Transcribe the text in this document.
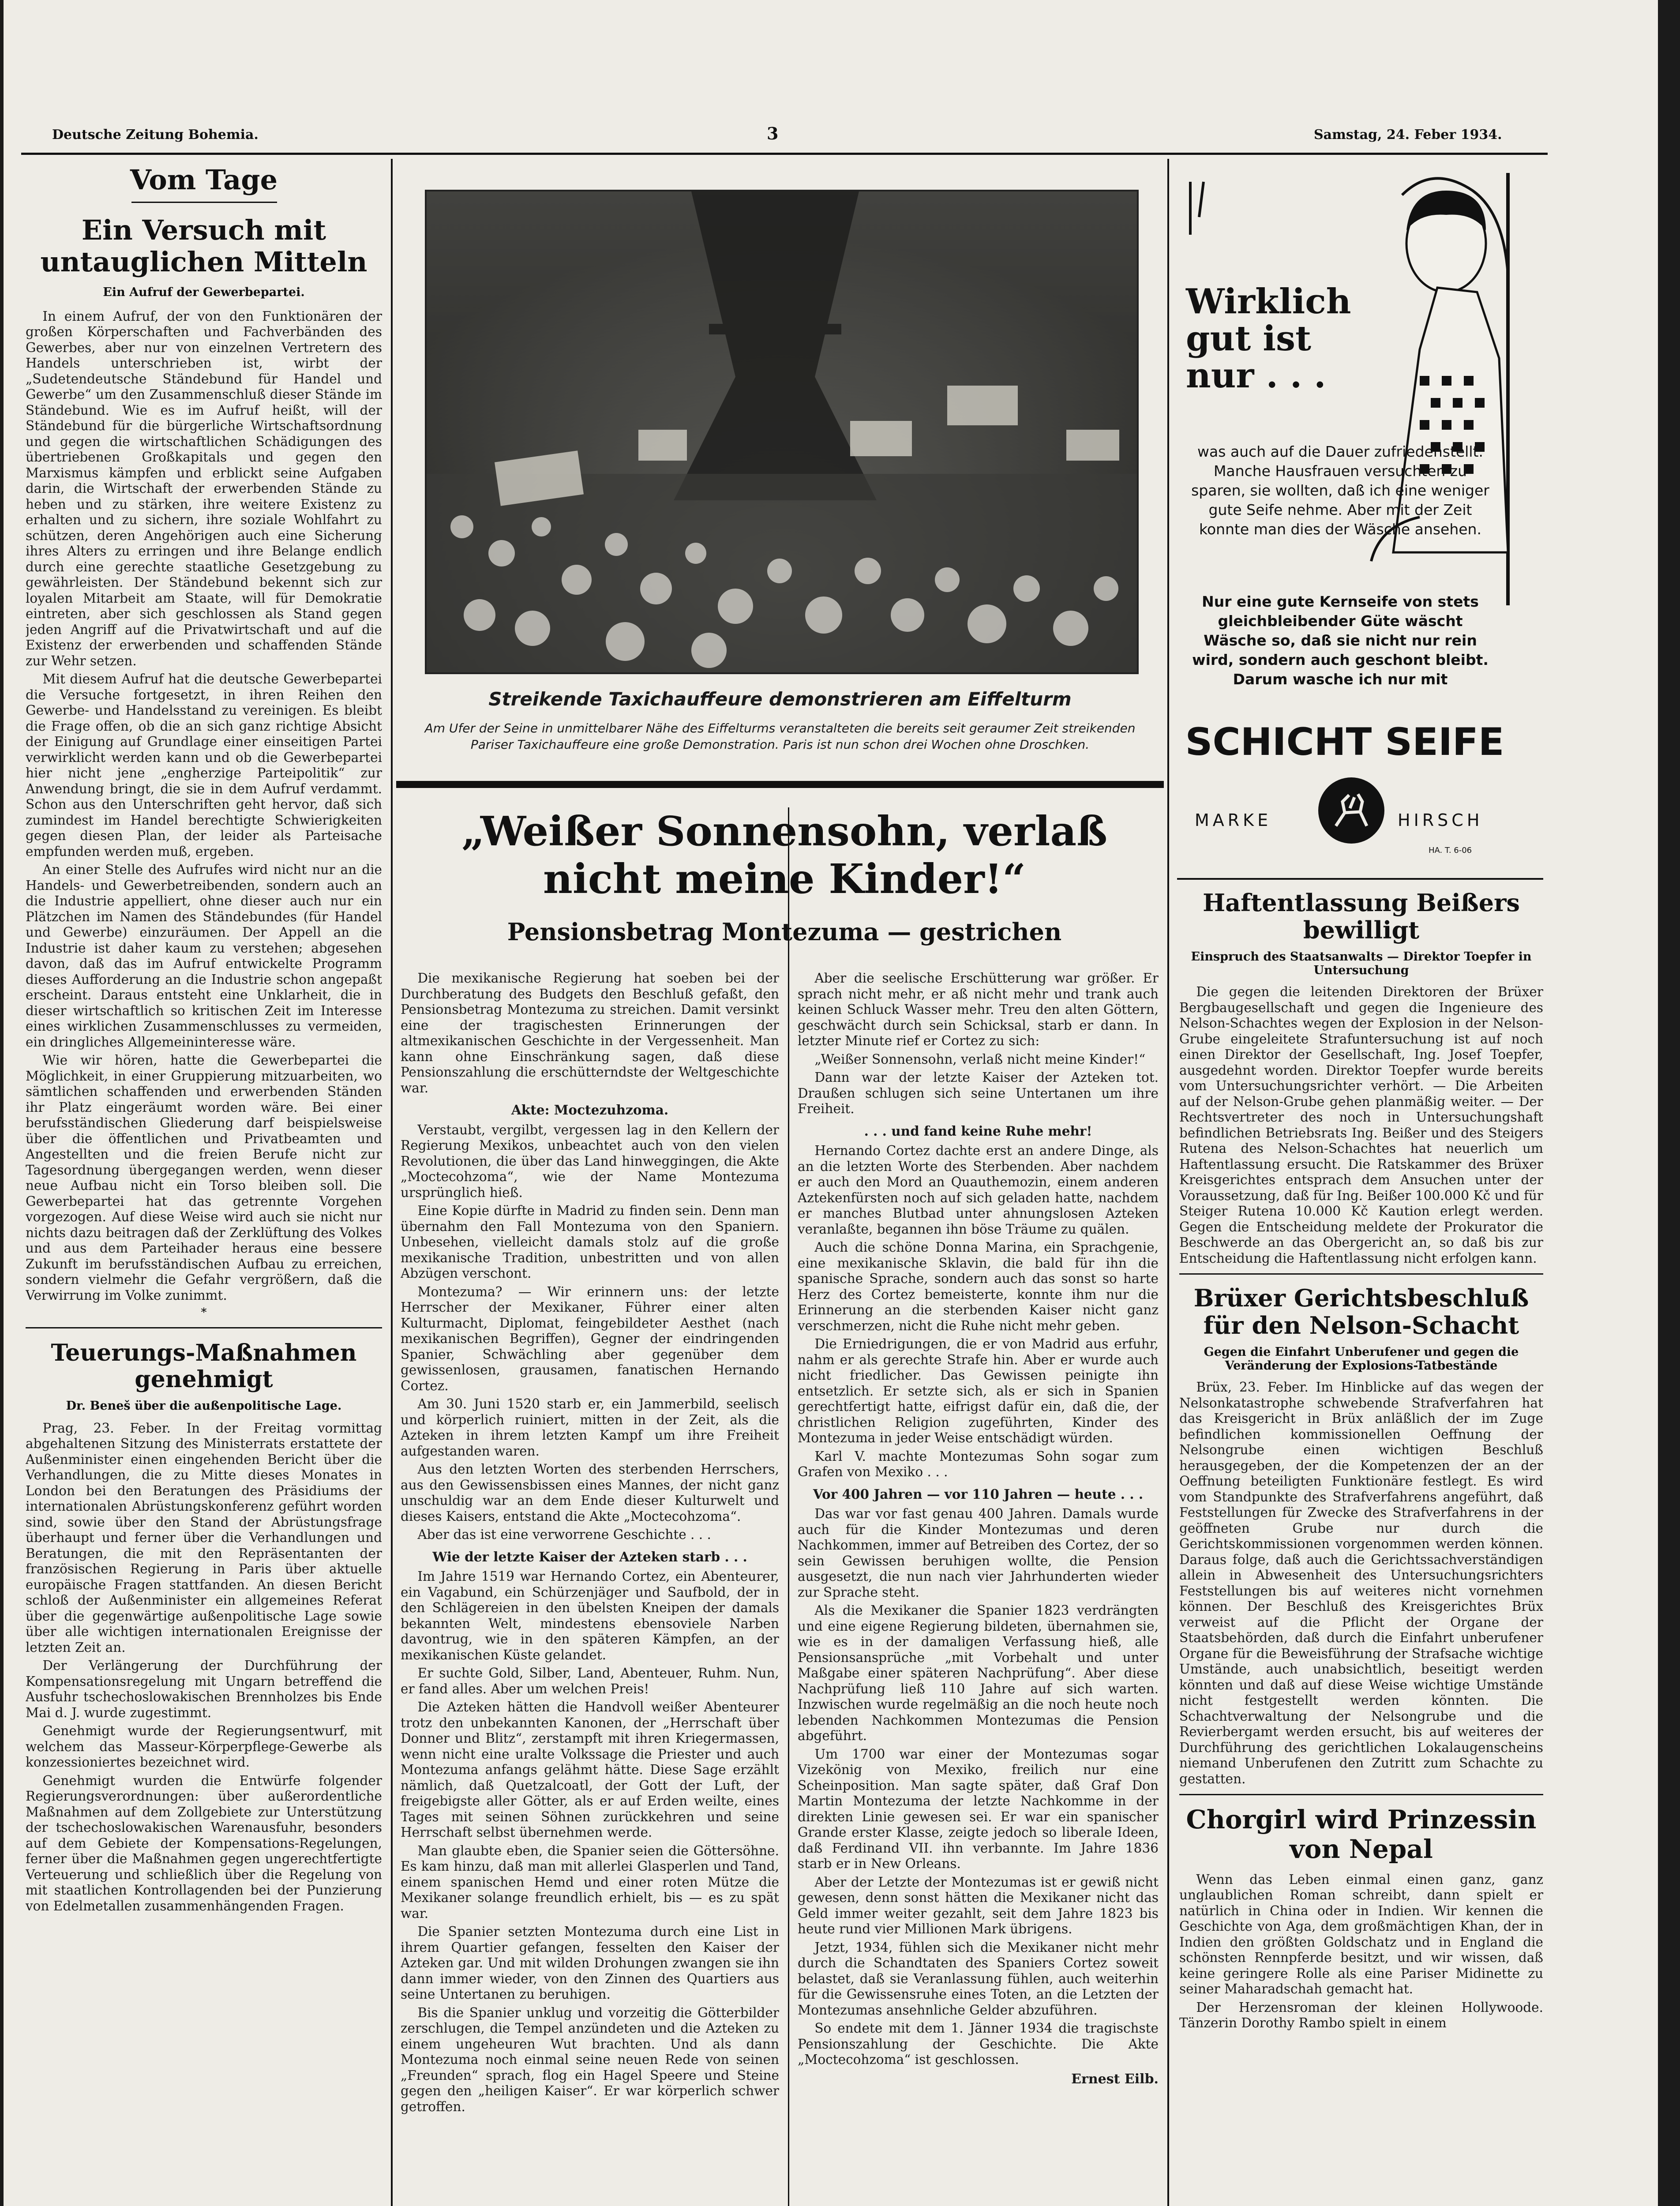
Deutsche Zeitung Bohemia.	3	Samstag, 24. Feber 1934.
Vom Tage
Ein Versuch mit untauglichen Mitteln
Ein Aufruf der Gewerbepartei.

In einem Aufruf, der von den Funktionären der großen Körperschaften und Fachverbänden des Gewerbes, aber nur von einzelnen Vertretern des Handels unterschrieben ist, wirbt der „Sudetendeutsche Ständebund für Handel und Gewerbe“ um den Zusammenschluß dieser Stände im Ständebund. Wie es im Aufruf heißt, will der Ständebund für die bürgerliche Wirtschaftsordnung und gegen die wirtschaftlichen Schädigungen des übertriebenen Großkapitals und gegen den Marxismus kämpfen und erblickt seine Aufgaben darin, die Wirtschaft der erwerbenden Stände zu heben und zu stärken, ihre weitere Existenz zu erhalten und zu sichern, ihre soziale Wohlfahrt zu schützen, deren Angehörigen auch eine Sicherung ihres Alters zu erringen und ihre Belange endlich durch eine gerechte staatliche Gesetzgebung zu gewährleisten. Der Ständebund bekennt sich zur loyalen Mitarbeit am Staate, will für Demokratie eintreten, aber sich geschlossen als Stand gegen jeden Angriff auf die Privatwirtschaft und auf die Existenz der erwerbenden und schaffenden Stände zur Wehr setzen.

Mit diesem Aufruf hat die deutsche Gewerbepartei die Versuche fortgesetzt, in ihren Reihen den Gewerbe- und Handelsstand zu vereinigen. Es bleibt die Frage offen, ob die an sich ganz richtige Absicht der Einigung auf Grundlage einer einseitigen Partei verwirklicht werden kann und ob die Gewerbepartei hier nicht jene „engherzige Parteipolitik“ zur Anwendung bringt, die sie in dem Aufruf verdammt. Schon aus den Unterschriften geht hervor, daß sich zumindest im Handel berechtigte Schwierigkeiten gegen diesen Plan, der leider als Parteisache empfunden werden muß, ergeben.

An einer Stelle des Aufrufes wird nicht nur an die Handels- und Gewerbetreibenden, sondern auch an die Industrie appelliert, ohne dieser auch nur ein Plätzchen im Namen des Ständebundes (für Handel und Gewerbe) einzuräumen. Der Appell an die Industrie ist daher kaum zu verstehen; abgesehen davon, daß das im Aufruf entwickelte Programm dieses Aufforderung an die Industrie schon angepaßt erscheint. Daraus entsteht eine Unklarheit, die in dieser wirtschaftlich so kritischen Zeit im Interesse eines wirklichen Zusammenschlusses zu vermeiden, ein dringliches Allgemeininteresse wäre.

Wie wir hören, hatte die Gewerbepartei die Möglichkeit, in einer Gruppierung mitzuarbeiten, wo sämtlichen schaffenden und erwerbenden Ständen ihr Platz eingeräumt worden wäre. Bei einer berufsständischen Gliederung darf beispielsweise über die öffentlichen und Privatbeamten und Angestellten und die freien Berufe nicht zur Tagesordnung übergegangen werden, wenn dieser neue Aufbau nicht ein Torso bleiben soll. Die Gewerbepartei hat das getrennte Vorgehen vorgezogen. Auf diese Weise wird auch sie nicht nur nichts dazu beitragen daß der Zerklüftung des Volkes und aus dem Parteihader heraus eine bessere Zukunft im berufsständischen Aufbau zu erreichen, sondern vielmehr die Gefahr vergrößern, daß die Verwirrung im Volke zunimmt.

*
Teuerungs-Maßnahmen genehmigt
Dr. Beneš über die außenpolitische Lage.

Prag, 23. Feber. In der Freitag vormittag abgehaltenen Sitzung des Ministerrats erstattete der Außenminister einen eingehenden Bericht über die Verhandlungen, die zu Mitte dieses Monates in London bei den Beratungen des Präsidiums der internationalen Abrüstungskonferenz geführt worden sind, sowie über den Stand der Abrüstungsfrage überhaupt und ferner über die Verhandlungen und Beratungen, die mit den Repräsentanten der französischen Regierung in Paris über aktuelle europäische Fragen stattfanden. An diesen Bericht schloß der Außenminister ein allgemeines Referat über die gegenwärtige außenpolitische Lage sowie über alle wichtigen internationalen Ereignisse der letzten Zeit an.

Der Verlängerung der Durchführung der Kompensationsregelung mit Ungarn betreffend die Ausfuhr tschechoslowakischen Brennholzes bis Ende Mai d. J. wurde zugestimmt.

Genehmigt wurde der Regierungsentwurf, mit welchem das Masseur-Körperpflege-Gewerbe als konzessioniertes bezeichnet wird.

Genehmigt wurden die Entwürfe folgender Regierungsverordnungen: über außerordentliche Maßnahmen auf dem Zollgebiete zur Unterstützung der tschechoslowakischen Warenausfuhr, besonders auf dem Gebiete der Kompensations-Regelungen, ferner über die Maßnahmen gegen ungerechtfertigte Verteuerung und schließlich über die Regelung von mit staatlichen Kontrollagenden bei der Punzierung von Edelmetallen zusammenhängenden Fragen.

Streikende Taxichauffeure demonstrieren am Eiffelturm
Am Ufer der Seine in unmittelbarer Nähe des Eiffelturms veranstalteten die bereits seit geraumer Zeit streikenden Pariser Taxichauffeure eine große Demonstration. Paris ist nun schon drei Wochen ohne Droschken.
„Weißer Sonnensohn, verlaß nicht meine Kinder!“
Pensionsbetrag Montezuma — gestrichen

Die mexikanische Regierung hat soeben bei der Durchberatung des Budgets den Beschluß gefaßt, den Pensionsbetrag Montezuma zu streichen. Damit versinkt eine der tragischesten Erinnerungen der altmexikanischen Geschichte in der Vergessenheit. Man kann ohne Einschränkung sagen, daß diese Pensionszahlung die erschütterndste der Weltgeschichte war.

Akte: Moctezuhzoma.

Verstaubt, vergilbt, vergessen lag in den Kellern der Regierung Mexikos, unbeachtet auch von den vielen Revolutionen, die über das Land hinweggingen, die Akte „Moctecohzoma“, wie der Name Montezuma ursprünglich hieß.

Eine Kopie dürfte in Madrid zu finden sein. Denn man übernahm den Fall Montezuma von den Spaniern. Unbesehen, vielleicht damals stolz auf die große mexikanische Tradition, unbestritten und von allen Abzügen verschont.

Montezuma? — Wir erinnern uns: der letzte Herrscher der Mexikaner, Führer einer alten Kulturmacht, Diplomat, feingebildeter Aesthet (nach mexikanischen Begriffen), Gegner der eindringenden Spanier, Schwächling aber gegenüber dem gewissenlosen, grausamen, fanatischen Hernando Cortez.

Am 30. Juni 1520 starb er, ein Jammerbild, seelisch und körperlich ruiniert, mitten in der Zeit, als die Azteken in ihrem letzten Kampf um ihre Freiheit aufgestanden waren.

Aus den letzten Worten des sterbenden Herrschers, aus den Gewissensbissen eines Mannes, der nicht ganz unschuldig war an dem Ende dieser Kulturwelt und dieses Kaisers, entstand die Akte „Moctecohzoma“.

Aber das ist eine verworrene Geschichte . . .

Wie der letzte Kaiser der Azteken starb . . .

Im Jahre 1519 war Hernando Cortez, ein Abenteurer, ein Vagabund, ein Schürzenjäger und Saufbold, der in den Schlägereien in den übelsten Kneipen der damals bekannten Welt, mindestens ebensoviele Narben davontrug, wie in den späteren Kämpfen, an der mexikanischen Küste gelandet.

Er suchte Gold, Silber, Land, Abenteuer, Ruhm. Nun, er fand alles. Aber um welchen Preis!

Die Azteken hätten die Handvoll weißer Abenteurer trotz den unbekannten Kanonen, der „Herrschaft über Donner und Blitz“, zerstampft mit ihren Kriegermassen, wenn nicht eine uralte Volkssage die Priester und auch Montezuma anfangs gelähmt hätte. Diese Sage erzählt nämlich, daß Quetzalcoatl, der Gott der Luft, der freigebigste aller Götter, als er auf Erden weilte, eines Tages mit seinen Söhnen zurückkehren und seine Herrschaft selbst übernehmen werde.

Man glaubte eben, die Spanier seien die Göttersöhne. Es kam hinzu, daß man mit allerlei Glasperlen und Tand, einem spanischen Hemd und einer roten Mütze die Mexikaner solange freundlich erhielt, bis — es zu spät war.

Die Spanier setzten Montezuma durch eine List in ihrem Quartier gefangen, fesselten den Kaiser der Azteken gar. Und mit wilden Drohungen zwangen sie ihn dann immer wieder, von den Zinnen des Quartiers aus seine Untertanen zu beruhigen.

Bis die Spanier unklug und vorzeitig die Götterbilder zerschlugen, die Tempel anzündeten und die Azteken zu einem ungeheuren Wut brachten. Und als dann Montezuma noch einmal seine neuen Rede von seinen „Freunden“ sprach, flog ein Hagel Speere und Steine gegen den „heiligen Kaiser“. Er war körperlich schwer getroffen.

Aber die seelische Erschütterung war größer. Er sprach nicht mehr, er aß nicht mehr und trank auch keinen Schluck Wasser mehr. Treu den alten Göttern, geschwächt durch sein Schicksal, starb er dann. In letzter Minute rief er Cortez zu sich:

„Weißer Sonnensohn, verlaß nicht meine Kinder!“

Dann war der letzte Kaiser der Azteken tot. Draußen schlugen sich seine Untertanen um ihre Freiheit.

. . . und fand keine Ruhe mehr!

Hernando Cortez dachte erst an andere Dinge, als an die letzten Worte des Sterbenden. Aber nachdem er auch den Mord an Quauthemozin, einem anderen Aztekenfürsten noch auf sich geladen hatte, nachdem er manches Blutbad unter ahnungslosen Azteken veranlaßte, begannen ihn böse Träume zu quälen.

Auch die schöne Donna Marina, ein Sprachgenie, eine mexikanische Sklavin, die bald für ihn die spanische Sprache, sondern auch das sonst so harte Herz des Cortez bemeisterte, konnte ihm nur die Erinnerung an die sterbenden Kaiser nicht ganz verschmerzen, nicht die Ruhe nicht mehr geben.

Die Erniedrigungen, die er von Madrid aus erfuhr, nahm er als gerechte Strafe hin. Aber er wurde auch nicht friedlicher. Das Gewissen peinigte ihn entsetzlich. Er setzte sich, als er sich in Spanien gerechtfertigt hatte, eifrigst dafür ein, daß die, der christlichen Religion zugeführten, Kinder des Montezuma in jeder Weise entschädigt würden.

Karl V. machte Montezumas Sohn sogar zum Grafen von Mexiko . . .

Vor 400 Jahren — vor 110 Jahren — heute . . .

Das war vor fast genau 400 Jahren. Damals wurde auch für die Kinder Montezumas und deren Nachkommen, immer auf Betreiben des Cortez, der so sein Gewissen beruhigen wollte, die Pension ausgesetzt, die nun nach vier Jahrhunderten wieder zur Sprache steht.

Als die Mexikaner die Spanier 1823 verdrängten und eine eigene Regierung bildeten, übernahmen sie, wie es in der damaligen Verfassung hieß, alle Pensionsansprüche „mit Vorbehalt und unter Maßgabe einer späteren Nachprüfung“. Aber diese Nachprüfung ließ 110 Jahre auf sich warten. Inzwischen wurde regelmäßig an die noch heute noch lebenden Nachkommen Montezumas die Pension abgeführt.

Um 1700 war einer der Montezumas sogar Vizekönig von Mexiko, freilich nur eine Scheinposition. Man sagte später, daß Graf Don Martin Montezuma der letzte Nachkomme in der direkten Linie gewesen sei. Er war ein spanischer Grande erster Klasse, zeigte jedoch so liberale Ideen, daß Ferdinand VII. ihn verbannte. Im Jahre 1836 starb er in New Orleans.

Aber der Letzte der Montezumas ist er gewiß nicht gewesen, denn sonst hätten die Mexikaner nicht das Geld immer weiter gezahlt, seit dem Jahre 1823 bis heute rund vier Millionen Mark übrigens.

Jetzt, 1934, fühlen sich die Mexikaner nicht mehr durch die Schandtaten des Spaniers Cortez soweit belastet, daß sie Veranlassung fühlen, auch weiterhin für die Gewissensruhe eines Toten, an die Letzten der Montezumas ansehnliche Gelder abzuführen.

So endete mit dem 1. Jänner 1934 die tragischste Pensionszahlung der Geschichte. Die Akte „Moctecohzoma“ ist geschlossen.

Ernest Eilb.
Wirklich gut ist nur . . .
was auch auf die Dauer zufriedenstellt. Manche Hausfrauen versuchten zu sparen, sie wollten, daß ich eine weniger gute Seife nehme. Aber mit der Zeit konnte man dies der Wäsche ansehen.
Nur eine gute Kernseife von stets gleichbleibender Güte wäscht Wäsche so, daß sie nicht nur rein wird, sondern auch geschont bleibt. Darum wasche ich nur mit
SCHICHT SEIFE
MARKE	HIRSCH
HA. T. 6-06
Haftentlassung Beißers bewilligt
Einspruch des Staatsanwalts — Direktor Toepfer in Untersuchung

Die gegen die leitenden Direktoren der Brüxer Bergbaugesellschaft und gegen die Ingenieure des Nelson-Schachtes wegen der Explosion in der Nelson-Grube eingeleitete Strafuntersuchung ist auf noch einen Direktor der Gesellschaft, Ing. Josef Toepfer, ausgedehnt worden. Direktor Toepfer wurde bereits vom Untersuchungsrichter verhört. — Die Arbeiten auf der Nelson-Grube gehen planmäßig weiter. — Der Rechtsvertreter des noch in Untersuchungshaft befindlichen Betriebsrats Ing. Beißer und des Steigers Rutena des Nelson-Schachtes hat neuerlich um Haftentlassung ersucht. Die Ratskammer des Brüxer Kreisgerichtes entsprach dem Ansuchen unter der Voraussetzung, daß für Ing. Beißer 100.000 Kč und für Steiger Rutena 10.000 Kč Kaution erlegt werden. Gegen die Entscheidung meldete der Prokurator die Beschwerde an das Obergericht an, so daß bis zur Entscheidung die Haftentlassung nicht erfolgen kann.

Brüxer Gerichtsbeschluß für den Nelson-Schacht
Gegen die Einfahrt Unberufener und gegen die Veränderung der Explosions-Tatbestände

Brüx, 23. Feber. Im Hinblicke auf das wegen der Nelsonkatastrophe schwebende Strafverfahren hat das Kreisgericht in Brüx anläßlich der im Zuge befindlichen kommissionellen Oeffnung der Nelsongrube einen wichtigen Beschluß herausgegeben, der die Kompetenzen der an der Oeffnung beteiligten Funktionäre festlegt. Es wird vom Standpunkte des Strafverfahrens angeführt, daß Feststellungen für Zwecke des Strafverfahrens in der geöffneten Grube nur durch die Gerichtskommissionen vorgenommen werden können. Daraus folge, daß auch die Gerichtssachverständigen allein in Abwesenheit des Untersuchungsrichters Feststellungen bis auf weiteres nicht vornehmen können. Der Beschluß des Kreisgerichtes Brüx verweist auf die Pflicht der Organe der Staatsbehörden, daß durch die Einfahrt unberufener Organe für die Beweisführung der Strafsache wichtige Umstände, auch unabsichtlich, beseitigt werden könnten und daß auf diese Weise wichtige Umstände nicht festgestellt werden könnten. Die Schachtverwaltung der Nelsongrube und die Revierbergamt werden ersucht, bis auf weiteres der Durchführung des gerichtlichen Lokalaugenscheins niemand Unberufenen den Zutritt zum Schachte zu gestatten.

Chorgirl wird Prinzessin von Nepal

Wenn das Leben einmal einen ganz, ganz unglaublichen Roman schreibt, dann spielt er natürlich in China oder in Indien. Wir kennen die Geschichte von Aga, dem großmächtigen Khan, der in Indien den größten Goldschatz und in England die schönsten Rennpferde besitzt, und wir wissen, daß keine geringere Rolle als eine Pariser Midinette zu seiner Maharadschah gemacht hat.

Der Herzensroman der kleinen Hollywoode. Tänzerin Dorothy Rambo spielt in einem
